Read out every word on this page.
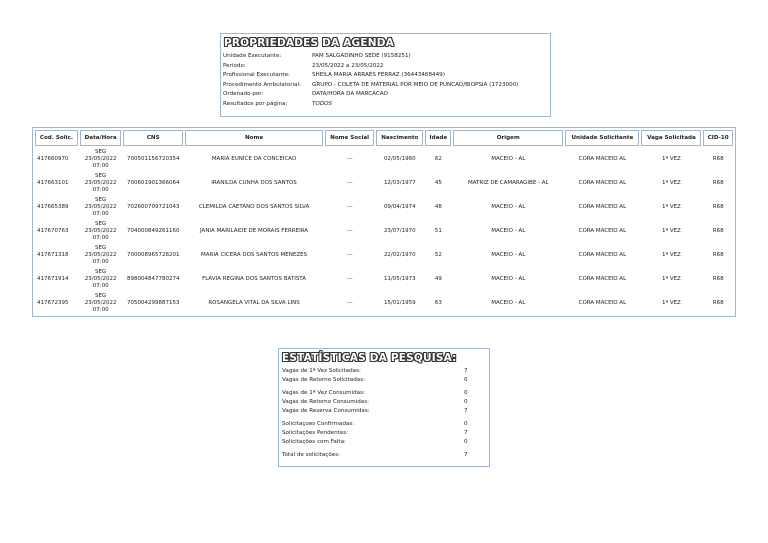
PROPRIEDADES DA AGENDA
Unidade Executante:	PAM SALGADINHO SEDE (9158251)
Período:	23/05/2022 a 23/05/2022
Profissional Executante:	SHEILA MARIA ARRAES FERRAZ (36443468449)
Procedimento Ambulatorial:	GRUPO - COLETA DE MATERIAL POR MEIO DE PUNCAO/BIOPSIA (1723000)
Ordenado por:	DATA/HORA DA MARCACAO
Resultados por página:	TODOS
Cod. Solic.	Data/Hora	CNS	Nome	Nome Social	Nascimento	Idade	Origem	Unidade Solicitante	Vaga Solicitada	CID-10
417660970	SEG
23/05/2022
07:00	700501156720354	MARIA EUNICE DA CONCEICAO	---	02/05/1960	62	MACEIO - AL	CORA MACEIO AL	1ª VEZ	R68
417663101	SEG
23/05/2022
07:00	700601901366064	IRANILDA CUNHA DOS SANTOS	---	12/03/1977	45	MATRIZ DE CAMARAGIBE - AL	CORA MACEIO AL	1ª VEZ	R68
417665389	SEG
23/05/2022
07:00	702600709721043	CLEMILDA CAETANO DOS SANTOS SILVA	---	09/04/1974	48	MACEIO - AL	CORA MACEIO AL	1ª VEZ	R68
417670763	SEG
23/05/2022
07:00	704000849261160	JANIA MARILAIDE DE MORAIS FERREIRA	---	23/07/1970	51	MACEIO - AL	CORA MACEIO AL	1ª VEZ	R68
417671318	SEG
23/05/2022
07:00	700008965728201	MARIA CICERA DOS SANTOS MENEZES	---	22/02/1970	52	MACEIO - AL	CORA MACEIO AL	1ª VEZ	R68
417671914	SEG
23/05/2022
07:00	898004847780274	FLAVIA REGINA DOS SANTOS BATISTA	---	11/05/1973	49	MACEIO - AL	CORA MACEIO AL	1ª VEZ	R68
417672395	SEG
23/05/2022
07:00	705004299887153	ROSANGELA VITAL DA SILVA LINS	---	15/01/1959	63	MACEIO - AL	CORA MACEIO AL	1ª VEZ	R68
ESTATÍSTICAS DA PESQUISA:
Vagas de 1ª Vez Solicitadas:	7
Vagas de Retorno Solicitadas:	0
Vagas de 1ª Vez Consumidas:	0
Vagas de Retorno Consumidas:	0
Vagas de Reserva Consumidas:	7
Solicitaçoes Confirmadas:	0
Solicitações Pendentes:	7
Solicitações com Falta:	0
Total de solicitações:	7
